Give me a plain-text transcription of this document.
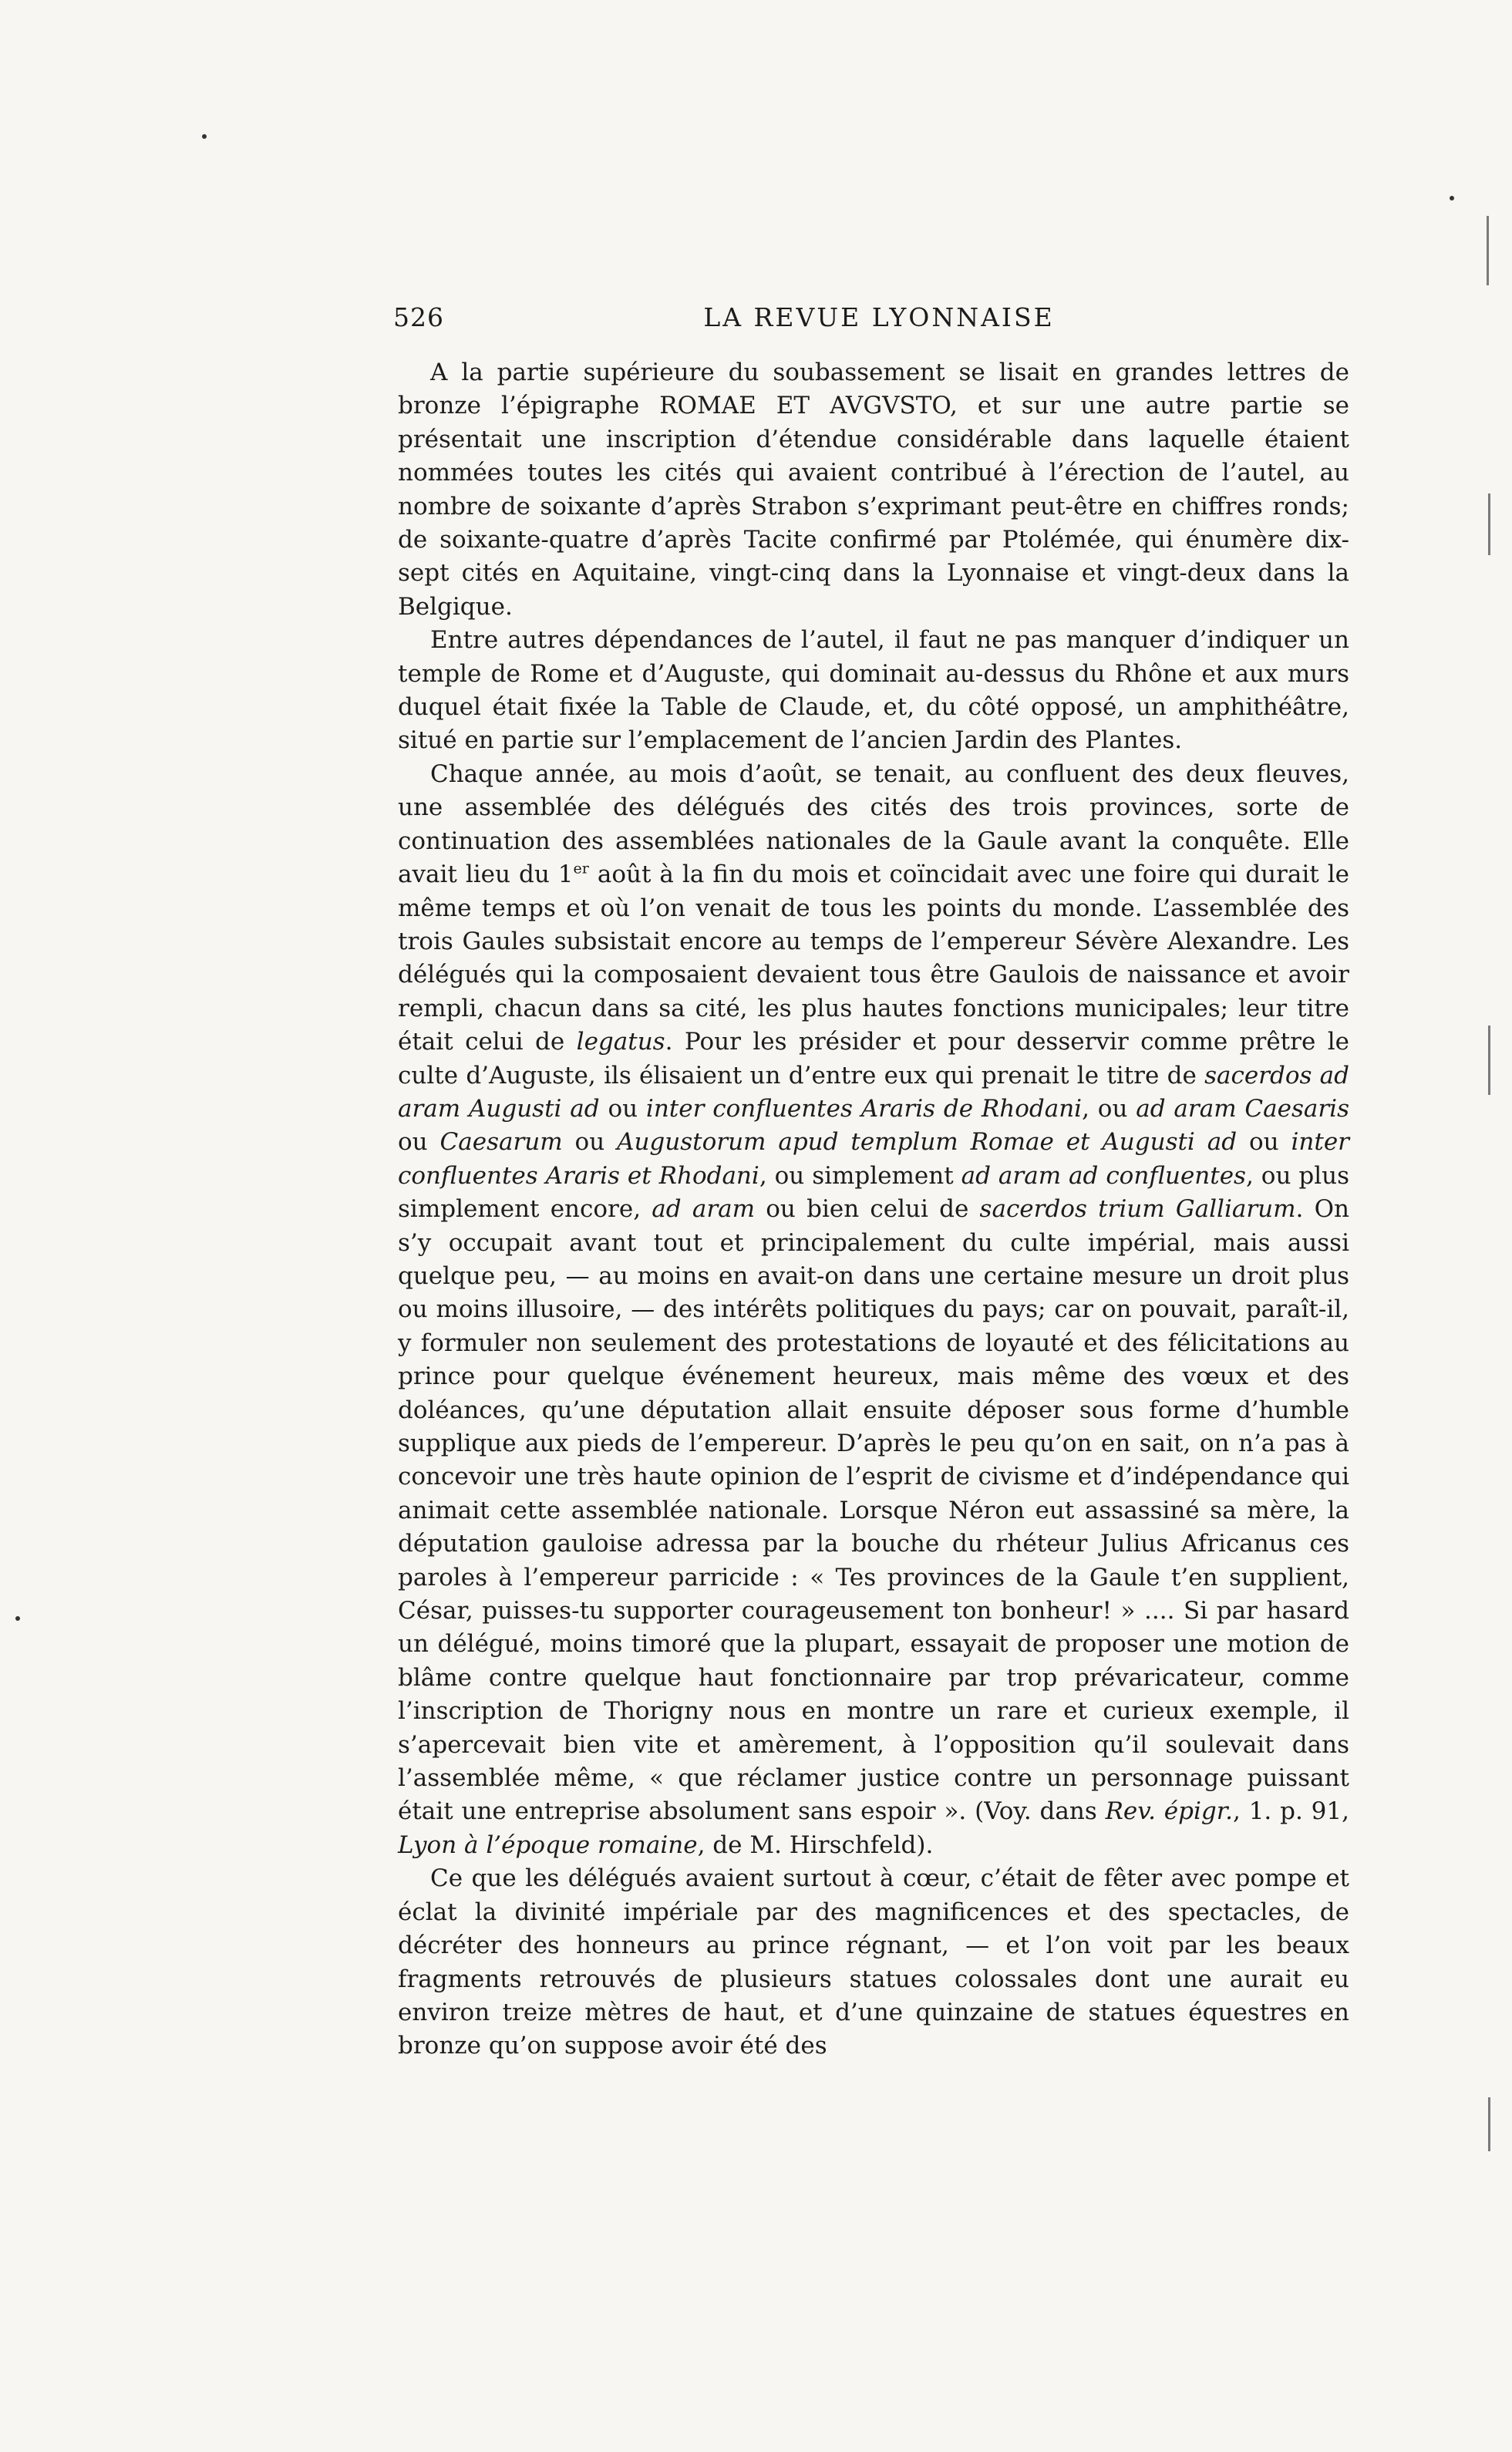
526	LA REVUE LYONNAISE

A la partie supérieure du soubassement se lisait en grandes lettres de bronze l’épigraphe ROMAE ET AVGVSTO, et sur une autre partie se présentait une inscription d’étendue considérable dans laquelle étaient nommées toutes les cités qui avaient contribué à l’érection de l’autel, au nombre de soixante d’après Strabon s’exprimant peut-être en chiffres ronds; de soixante-quatre d’après Tacite confirmé par Ptolémée, qui énumère dix-sept cités en Aquitaine, vingt-cinq dans la Lyonnaise et vingt-deux dans la Belgique.

Entre autres dépendances de l’autel, il faut ne pas manquer d’indiquer un temple de Rome et d’Auguste, qui dominait au-dessus du Rhône et aux murs duquel était fixée la Table de Claude, et, du côté opposé, un amphithéâtre, situé en partie sur l’emplacement de l’ancien Jardin des Plantes.

Chaque année, au mois d’août, se tenait, au confluent des deux fleuves, une assemblée des délégués des cités des trois provinces, sorte de continuation des assemblées nationales de la Gaule avant la conquête. Elle avait lieu du 1er août à la fin du mois et coïncidait avec une foire qui durait le même temps et où l’on venait de tous les points du monde. L’assemblée des trois Gaules subsistait encore au temps de l’empereur Sévère Alexandre. Les délégués qui la composaient devaient tous être Gaulois de naissance et avoir rempli, chacun dans sa cité, les plus hautes fonctions municipales; leur titre était celui de legatus. Pour les présider et pour desservir comme prêtre le culte d’Auguste, ils élisaient un d’entre eux qui prenait le titre de sacerdos ad aram Augusti ad ou inter confluentes Araris de Rhodani, ou ad aram Caesaris ou Caesarum ou Augustorum apud templum Romae et Augusti ad ou inter confluentes Araris et Rhodani, ou simplement ad aram ad confluentes, ou plus simplement encore, ad aram ou bien celui de sacerdos trium Galliarum. On s’y occupait avant tout et principalement du culte impérial, mais aussi quelque peu, — au moins en avait-on dans une certaine mesure un droit plus ou moins illusoire, — des intérêts politiques du pays; car on pouvait, paraît-il, y formuler non seulement des protestations de loyauté et des félicitations au prince pour quelque événement heureux, mais même des vœux et des doléances, qu’une députation allait ensuite déposer sous forme d’humble supplique aux pieds de l’empereur. D’après le peu qu’on en sait, on n’a pas à concevoir une très haute opinion de l’esprit de civisme et d’indépendance qui animait cette assemblée nationale. Lorsque Néron eut assassiné sa mère, la députation gauloise adressa par la bouche du rhéteur Julius Africanus ces paroles à l’empereur parricide : « Tes provinces de la Gaule t’en supplient, César, puisses-tu supporter courageusement ton bonheur! » .... Si par hasard un délégué, moins timoré que la plupart, essayait de proposer une motion de blâme contre quelque haut fonctionnaire par trop prévaricateur, comme l’inscription de Thorigny nous en montre un rare et curieux exemple, il s’apercevait bien vite et amèrement, à l’opposition qu’il soulevait dans l’assemblée même, « que réclamer justice contre un personnage puissant était une entreprise absolument sans espoir ». (Voy. dans Rev. épigr., 1. p. 91, Lyon à l’époque romaine, de M. Hirschfeld).

Ce que les délégués avaient surtout à cœur, c’était de fêter avec pompe et éclat la divinité impériale par des magnificences et des spectacles, de décréter des honneurs au prince régnant, — et l’on voit par les beaux fragments retrouvés de plusieurs statues colossales dont une aurait eu environ treize mètres de haut, et d’une quinzaine de statues équestres en bronze qu’on suppose avoir été des
